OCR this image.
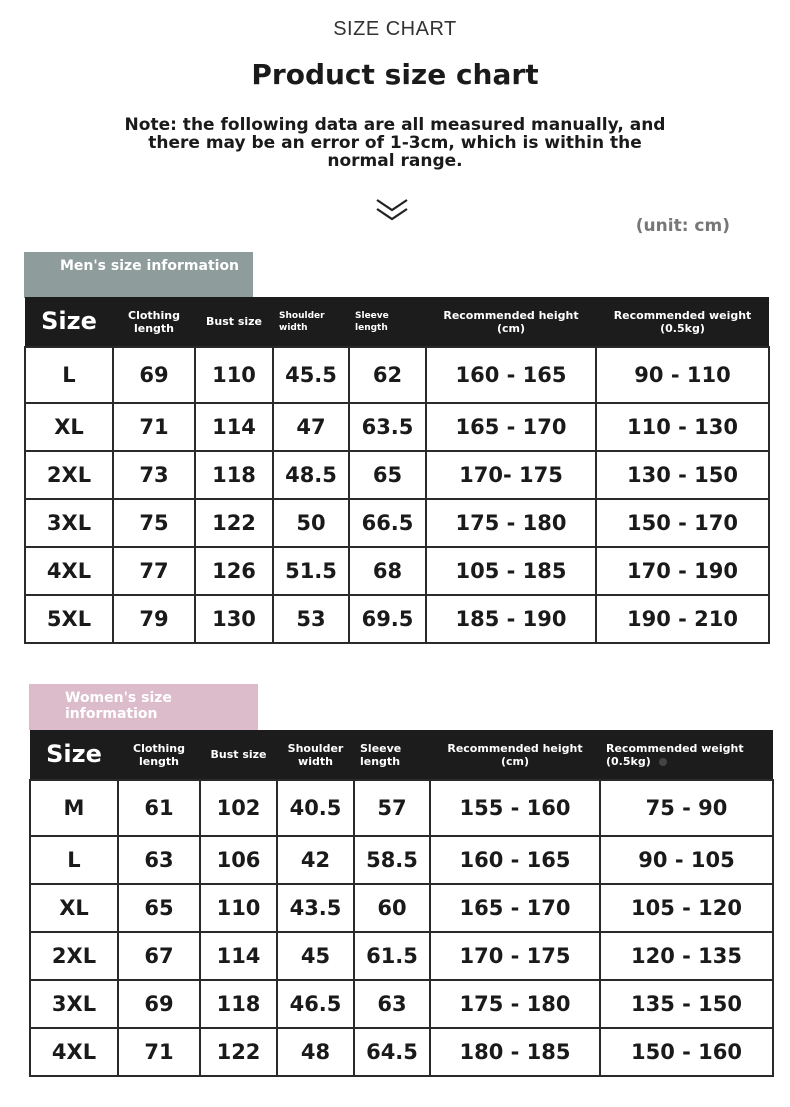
SIZE CHART
Product size chart
Note: the following data are all measured manually, and there may be an error of 1-3cm, which is within the normal range.
(unit: cm)
Men's size information
Size	Clothing length	Bust size	Shoulder width	Sleeve length	Recommended height (cm)	Recommended weight (0.5kg)
L	69	110	45.5	62	160 - 165	90 - 110
XL	71	114	47	63.5	165 - 170	110 - 130
2XL	73	118	48.5	65	170- 175	130 - 150
3XL	75	122	50	66.5	175 - 180	150 - 170
4XL	77	126	51.5	68	105 - 185	170 - 190
5XL	79	130	53	69.5	185 - 190	190 - 210
Women's size information
Size	Clothing length	Bust size	Shoulder width	Sleeve length	Recommended height (cm)	Recommended weight (0.5kg)
M	61	102	40.5	57	155 - 160	75 - 90
L	63	106	42	58.5	160 - 165	90 - 105
XL	65	110	43.5	60	165 - 170	105 - 120
2XL	67	114	45	61.5	170 - 175	120 - 135
3XL	69	118	46.5	63	175 - 180	135 - 150
4XL	71	122	48	64.5	180 - 185	150 - 160
